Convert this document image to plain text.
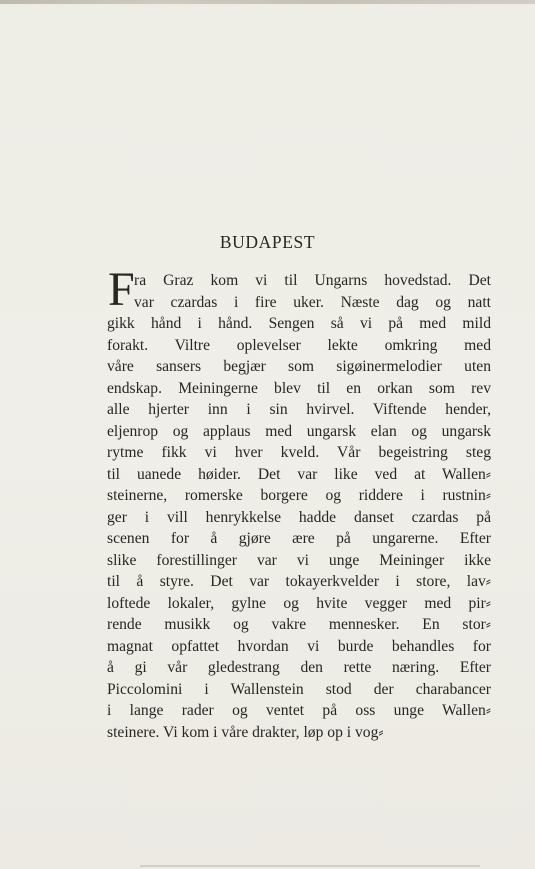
BUDAPEST
F ra Graz kom vi til Ungarns hovedstad. Det
var czardas i fire uker. Næste dag og natt
gikk hånd i hånd. Sengen så vi på med mild
forakt. Viltre oplevelser lekte omkring med
våre sansers begjær som sigøinermelodier uten
endskap. Meiningerne blev til en orkan som rev
alle hjerter inn i sin hvirvel. Viftende hender,
eljenrop og applaus med ungarsk elan og ungarsk
rytme fikk vi hver kveld. Vår begeistring steg
til uanede høider. Det var like ved at Wallen⸗
steinerne, romerske borgere og riddere i rustnin⸗
ger i vill henrykkelse hadde danset czardas på
scenen for å gjøre ære på ungarerne. Efter
slike forestillinger var vi unge Meininger ikke
til å styre. Det var tokayerkvelder i store, lav⸗
loftede lokaler, gylne og hvite vegger med pir⸗
rende musikk og vakre mennesker. En stor⸗
magnat opfattet hvordan vi burde behandles for
å gi vår gledestrang den rette næring. Efter
Piccolomini i Wallenstein stod der charabancer
i lange rader og ventet på oss unge Wallen⸗
steinere. Vi kom i våre drakter, løp op i vog⸗
